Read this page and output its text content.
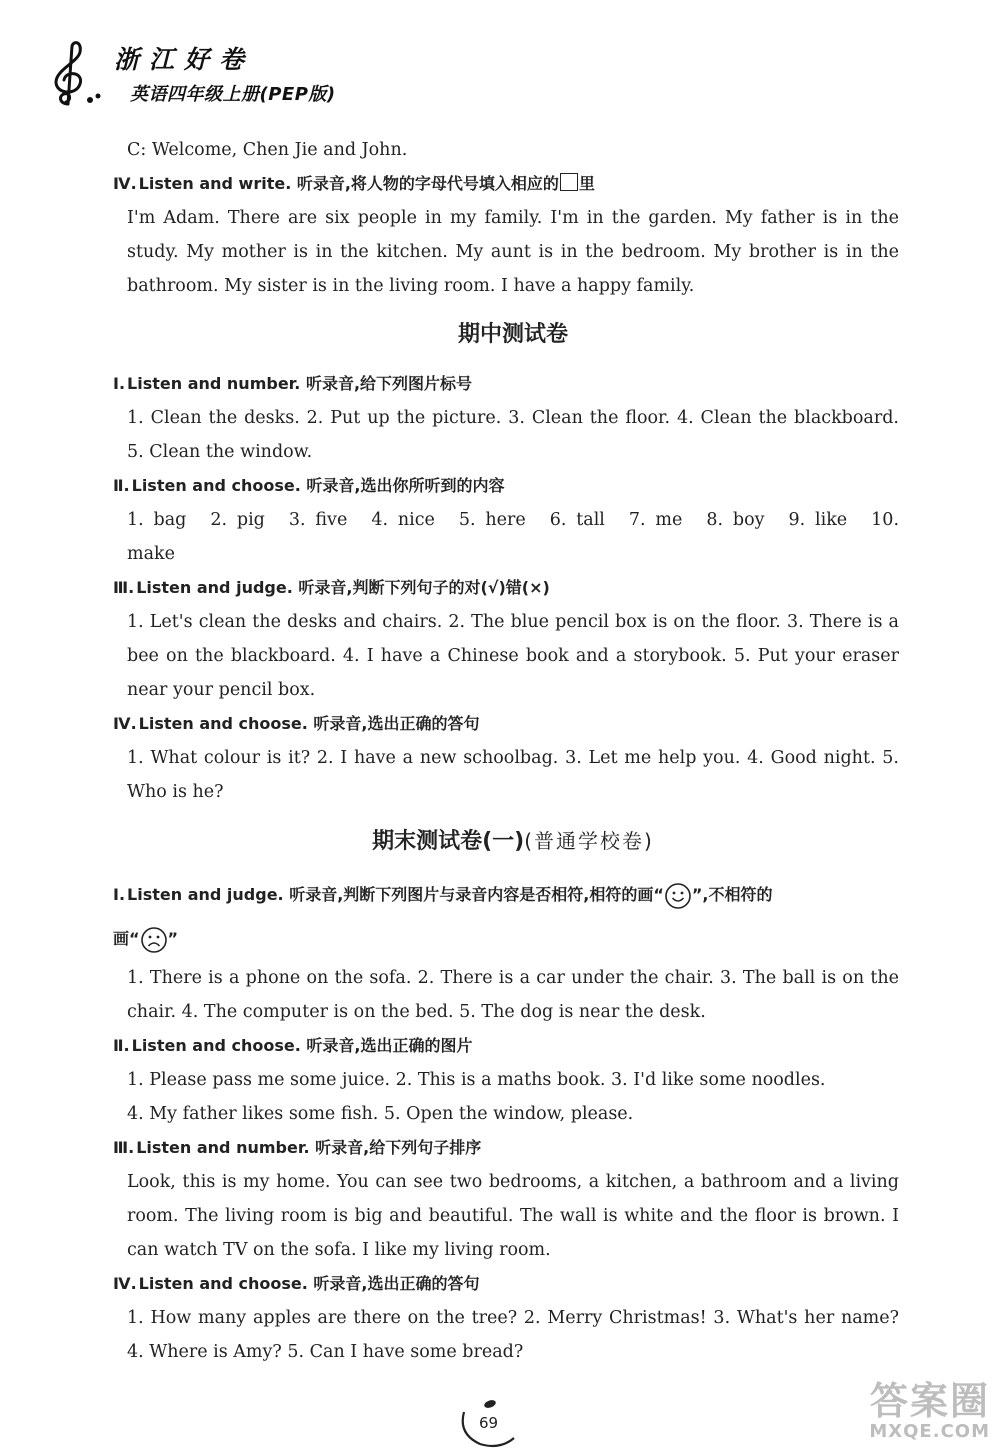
浙江好卷
英语四年级上册(PEP版)

C: Welcome, Chen Jie and John.

Ⅳ. Listen and write. 听录音,将人物的字母代号填入相应的 里

I'm Adam. There are six people in my family. I'm in the garden. My father is in the study. My mother is in the kitchen. My aunt is in the bedroom. My brother is in the bathroom. My sister is in the living room. I have a happy family.

期中测试卷

Ⅰ. Listen and number. 听录音,给下列图片标号

1. Clean the desks. 2. Put up the picture. 3. Clean the floor. 4. Clean the blackboard. 5. Clean the window.

Ⅱ. Listen and choose. 听录音,选出你所听到的内容

1. bag 2. pig 3. five 4. nice 5. here 6. tall 7. me 8. boy 9. like 10. make

Ⅲ. Listen and judge. 听录音,判断下列句子的对(√)错(×)

1. Let's clean the desks and chairs. 2. The blue pencil box is on the floor. 3. There is a bee on the blackboard. 4. I have a Chinese book and a storybook. 5. Put your eraser near your pencil box.

Ⅳ. Listen and choose. 听录音,选出正确的答句

1. What colour is it? 2. I have a new schoolbag. 3. Let me help you. 4. Good night. 5. Who is he?

期末测试卷(一)(普通学校卷)

Ⅰ. Listen and judge. 听录音,判断下列图片与录音内容是否相符,相符的画“ ”,不相符的

画“ ”

1. There is a phone on the sofa. 2. There is a car under the chair. 3. The ball is on the chair. 4. The computer is on the bed. 5. The dog is near the desk.

Ⅱ. Listen and choose. 听录音,选出正确的图片

1. Please pass me some juice. 2. This is a maths book. 3. I'd like some noodles.

4. My father likes some fish. 5. Open the window, please.

Ⅲ. Listen and number. 听录音,给下列句子排序

Look, this is my home. You can see two bedrooms, a kitchen, a bathroom and a living room. The living room is big and beautiful. The wall is white and the floor is brown. I can watch TV on the sofa. I like my living room.

Ⅳ. Listen and choose. 听录音,选出正确的答句

1. How many apples are there on the tree? 2. Merry Christmas! 3. What's her name? 4. Where is Amy? 5. Can I have some bread?

69	答案圈
MXQE.COM
